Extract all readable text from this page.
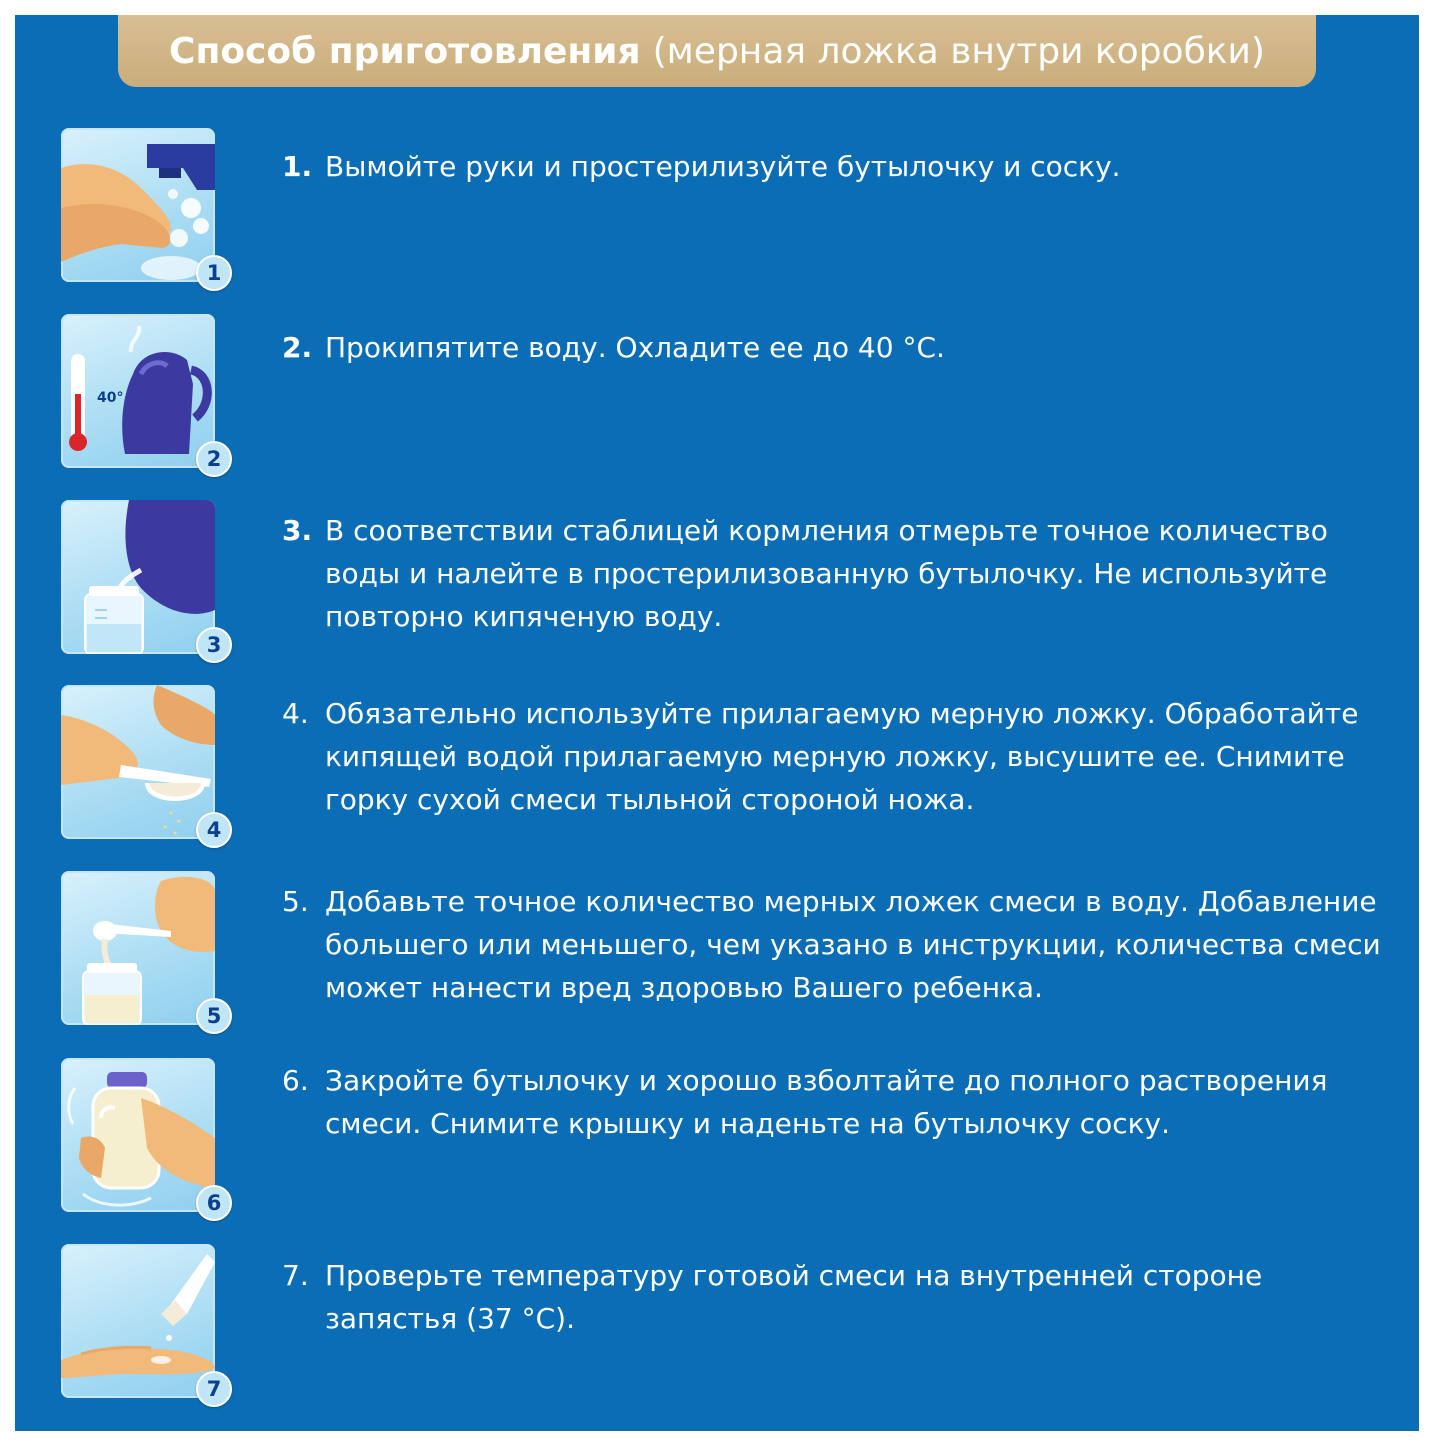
Способ приготовления (мерная ложка внутри коробки)
1
1. Вымойте руки и простерилизуйте бутылочку и соску.
40°
2
2. Прокипятите воду. Охладите ее до 40 °C.
3
3. В соответствии стаблицей кормления отмерьте точное количество воды и налейте в простерилизованную бутылочку. Не используйте повторно кипяченую воду.
4
4. Обязательно используйте прилагаемую мерную ложку. Обработайте кипящей водой прилагаемую мерную ложку, высушите ее. Снимите горку сухой смеси тыльной стороной ножа.
5
5. Добавьте точное количество мерных ложек смеси в воду. Добавление большего или меньшего, чем указано в инструкции, количества смеси может нанести вред здоровью Вашего ребенка.
6
6. Закройте бутылочку и хорошо взболтайте до полного растворения смеси. Снимите крышку и наденьте на бутылочку соску.
7
7. Проверьте температуру готовой смеси на внутренней стороне запястья (37 °C).
